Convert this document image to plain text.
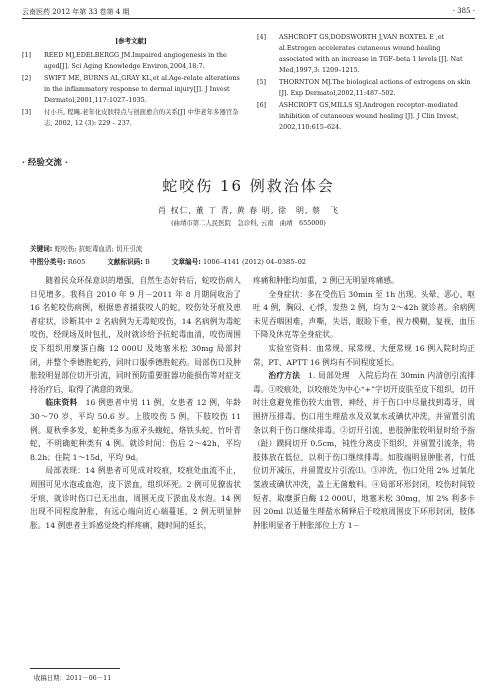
云南医药 2012 年第 33 卷第 4 期	· 385 ·
[参考文献]
[1]	REED MJ,EDELBERGG JM.Impaired angiogenesis in the aged[J]. Sci Aging Knowledge Environ,2004,18:7.
[2]	SWIFT ME, BURNS AL,GRAY KL,et al.Age-relate alterations in the inflammatory response to dermal injury[J]. J Invest Dermatol,2001,117:1027–1035.
[3]	付小兵, 程飚.老年化皮肤特点与创面愈合的关系[J] 中华老年多器官杂志, 2002, 12 (3): 229 – 237.
[4]	ASHCROFT GS,DODSWORTH J,VAN BOXTEL E ,et al.Estrogen accelerates cutaneous wound healing associated with an increase in TGF–beta 1 levels [J]. Nat Med,1997,3: 1209–1215.
[5]	THORNTON MJ.The biological actions of estrogens on skin [J]. Exp Dermatol,2002,11:487–502.
[6]	ASHCROFT GS,MILLS SJ.Androgen receptor–mediated inhibition of cutaneous wound healing [J]. J Clin Invest, 2002,110:615–624.
· 经验交流 ·
蛇咬伤 16 例救治体会
肖 权仁, 董 丁 青, 黄 春 明, 徐　明, 蔡　飞
(曲靖市第二人民医院　急诊科, 云南　曲靖　655000)
关键词: 蛇咬伤; 抗蛇毒血清; 切开引流
中图分类号: R605	文献标识码: B	文章编号: 1006–4141 (2012) 04–0385–02

随着民众环保意识的增强，自然生态好转后，蛇咬伤病人日见增多。我科自 2010 年 9 月－2011 年 8 月期间收治了 16 名蛇咬伤病例，根据患者捕获咬人的蛇，咬伤处牙痕及患者症状，诊断其中 2 名病例为无毒蛇咬伤，14 名病例为毒蛇咬伤，经现场及时包扎，及时就诊给予抗蛇毒血清，咬伤周围皮下组织用糜蛋白酶 12 000U 及地塞米松 30mg 局部封闭，并整个季德胜蛇药，同时口服季德胜蛇药。局部伤口及肿胀较明显部位切开引流，同时预防重要脏器功能损伤等对症支持治疗后，取得了满意的效果。

临床资料　 16 例患者中男 11 例，女患者 12 例，年龄 30～70 岁，平均 50.6 岁。上肢咬伤 5 例，下肢咬伤 11 例。夏秋季多发，蛇种类多为原矛头蝮蛇、烙铁头蛇、竹叶青蛇，不明确蛇种类有 4 例。就诊时间：伤后 2～42h，平均 8.2h；住院 1～15d，平均 9d。

局部表现：14 例患者可见成对咬痕，咬痕处血流不止，周围可见水泡或血泡，皮下淤血，组织坏死。2 例可见獠齿状牙痕，就诊时伤口已无出血，周围无皮下淤血及水泡。14 例出现不同程度肿胀，有远心端向近心端蔓延，2 例无明显肿胀。14 例患者主诉感觉烧灼样疼痛，随时间的延长，

疼痛和肿胀均加重，2 例已无明显疼痛感。

全身症状：多在受伤后 30min 至 1h 出现。头晕、恶心、呕吐 4 例，胸闷、心悸，发热 2 例，均为 2～42h 就诊者。余病例未见吞咽困难，声嘶，失语，眼睑下垂，视力模糊，复视，血压下降及休克等全身症状。

实验室资料：血常规、尿常规、大便常规 16 例入院时均正常，PT、APTT 16 例均有不同程度延长。

治疗方法　 1. 局部处理　入院后均在 30min 内清创引流排毒。①咬痕处，以咬痕处为中心“+”字切开皮肤至皮下组织，切开时注意避免推伤较大血管，神经，并于伤口中尽量找到毒牙，周围挤压排毒。伤口用生理盐水及双氧水或碘伏冲洗，并留置引流条以利于伤口继续排毒。②切开引流，患肢肿胀较明显时给予指（趾）蹼间切开 0.5cm，钝性分离皮下组织，并留置引流条，将肢体放在低位，以利于伤口继续排毒。如肢端明显肿胀者，行低位切开减压，并留置皮片引流⑴。③冲洗，伤口处用 2% 过氧化氢液或碘伏冲洗，盖上无菌敷料。④局部环形封闭，咬伤时间较短者，取糜蛋白酶 12 000U，地塞米松 30mg，加 2% 利多卡因 20ml 以适量生理盐水稀释后于咬痕周围皮下环形封闭，肢体肿胀明显者于肿胀部位上方 1－

收稿日期：2011－06－11
